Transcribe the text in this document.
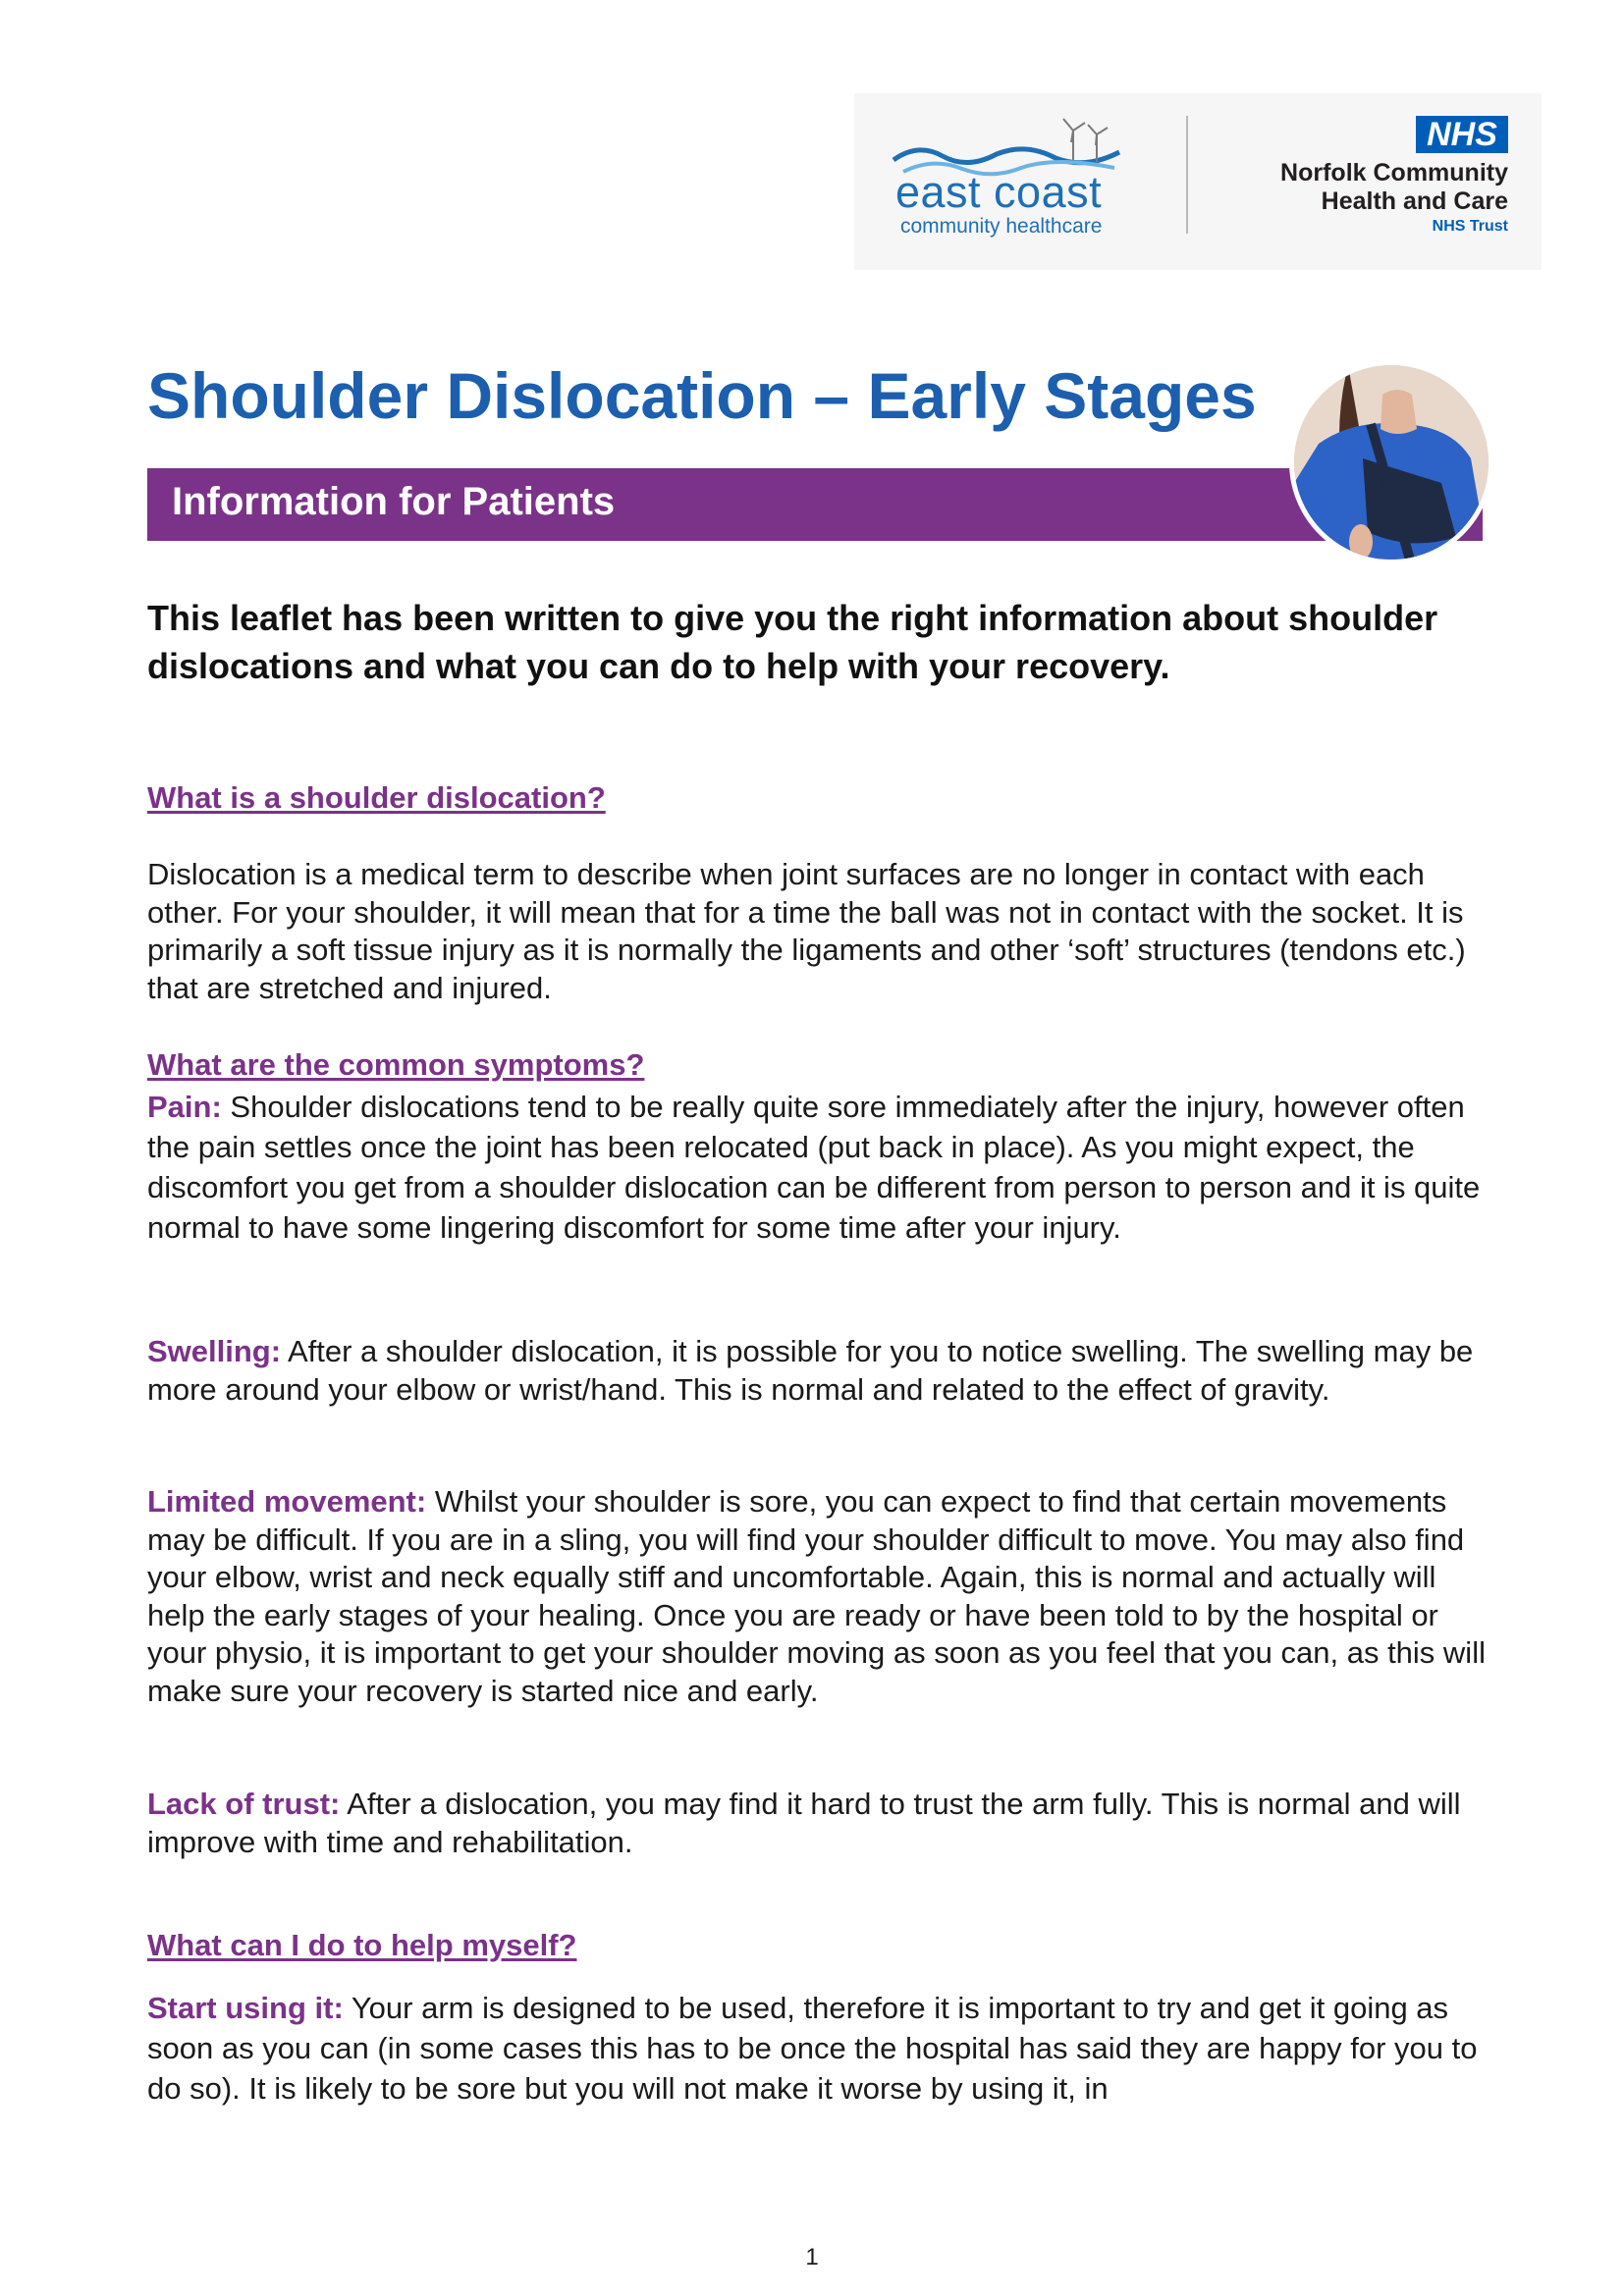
east coast
community healthcare
NHS
Norfolk Community Health and Care
NHS Trust
Shoulder Dislocation – Early Stages
Information for Patients
This leaflet has been written to give you the right information about shoulder dislocations and what you can do to help with your recovery.
What is a shoulder dislocation?
Dislocation is a medical term to describe when joint surfaces are no longer in contact with each other. For your shoulder, it will mean that for a time the ball was not in contact with the socket. It is primarily a soft tissue injury as it is normally the ligaments and other ‘soft’ structures (tendons etc.) that are stretched and injured.
What are the common symptoms?
Pain: Shoulder dislocations tend to be really quite sore immediately after the injury, however often the pain settles once the joint has been relocated (put back in place). As you might expect, the discomfort you get from a shoulder dislocation can be different from person to person and it is quite normal to have some lingering discomfort for some time after your injury.
Swelling: After a shoulder dislocation, it is possible for you to notice swelling. The swelling may be more around your elbow or wrist/hand. This is normal and related to the effect of gravity.
Limited movement: Whilst your shoulder is sore, you can expect to find that certain movements may be difficult. If you are in a sling, you will find your shoulder difficult to move. You may also find your elbow, wrist and neck equally stiff and uncomfortable. Again, this is normal and actually will help the early stages of your healing. Once you are ready or have been told to by the hospital or your physio, it is important to get your shoulder moving as soon as you feel that you can, as this will make sure your recovery is started nice and early.
Lack of trust: After a dislocation, you may find it hard to trust the arm fully. This is normal and will improve with time and rehabilitation.
What can I do to help myself?
Start using it: Your arm is designed to be used, therefore it is important to try and get it going as soon as you can (in some cases this has to be once the hospital has said they are happy for you to do so). It is likely to be sore but you will not make it worse by using it, in
1
